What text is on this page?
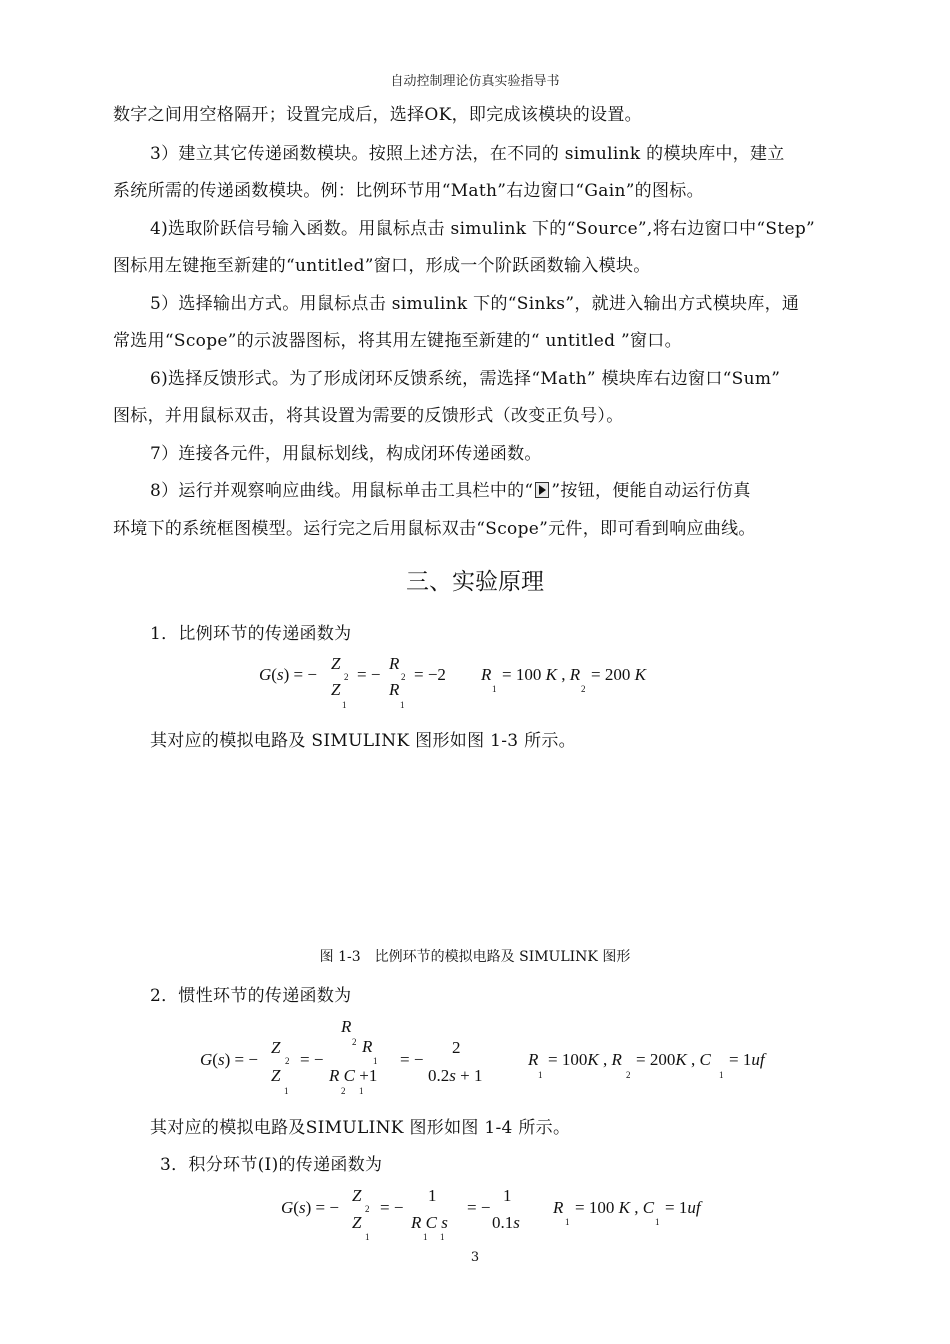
自动控制理论仿真实验指导书
数字之间用空格隔开；设置完成后，选择OK，即完成该模块的设置。
3）建立其它传递函数模块。按照上述方法，在不同的 simulink 的模块库中，建立
系统所需的传递函数模块。例：比例环节用“Math”右边窗口“Gain”的图标。
4)选取阶跃信号输入函数。用鼠标点击 simulink 下的“Source”,将右边窗口中“Step”
图标用左键拖至新建的“untitled”窗口，形成一个阶跃函数输入模块。
5）选择输出方式。用鼠标点击 simulink 下的“Sinks”，就进入输出方式模块库，通
常选用“Scope”的示波器图标，将其用左键拖至新建的“ untitled ”窗口。
6)选择反馈形式。为了形成闭环反馈系统，需选择“Math” 模块库右边窗口“Sum”
图标，并用鼠标双击，将其设置为需要的反馈形式（改变正负号）。
7）连接各元件，用鼠标划线，构成闭环传递函数。
8）运行并观察响应曲线。用鼠标单击工具栏中的“ ”按钮，便能自动运行仿真
环境下的系统框图模型。运行完之后用鼠标双击“Scope”元件，即可看到响应曲线。
三、实验原理
1．比例环节的传递函数为
G(s) = −
Z
2
Z
1
= −
R
2
R
1
= −2 R
1
= 100 K , R
2
= 200 K
其对应的模拟电路及 SIMULINK 图形如图 1-3 所示。
图 1-3　比例环节的模拟电路及 SIMULINK 图形
2．惯性环节的传递函数为
G(s) = −
Z
2
Z
1
= −
R
2 R
1
R C +1
2 1
= −
2
0.2s + 1
R
1
= 100K , R
2
= 200K , C
1
= 1uf
其对应的模拟电路及SIMULINK 图形如图 1-4 所示。
3．积分环节(I)的传递函数为
G(s) = −
Z
2
Z
1
= −
1
R C s
1 1
= −
1
0.1s
R
1
= 100 K , C
1
= 1uf
3
